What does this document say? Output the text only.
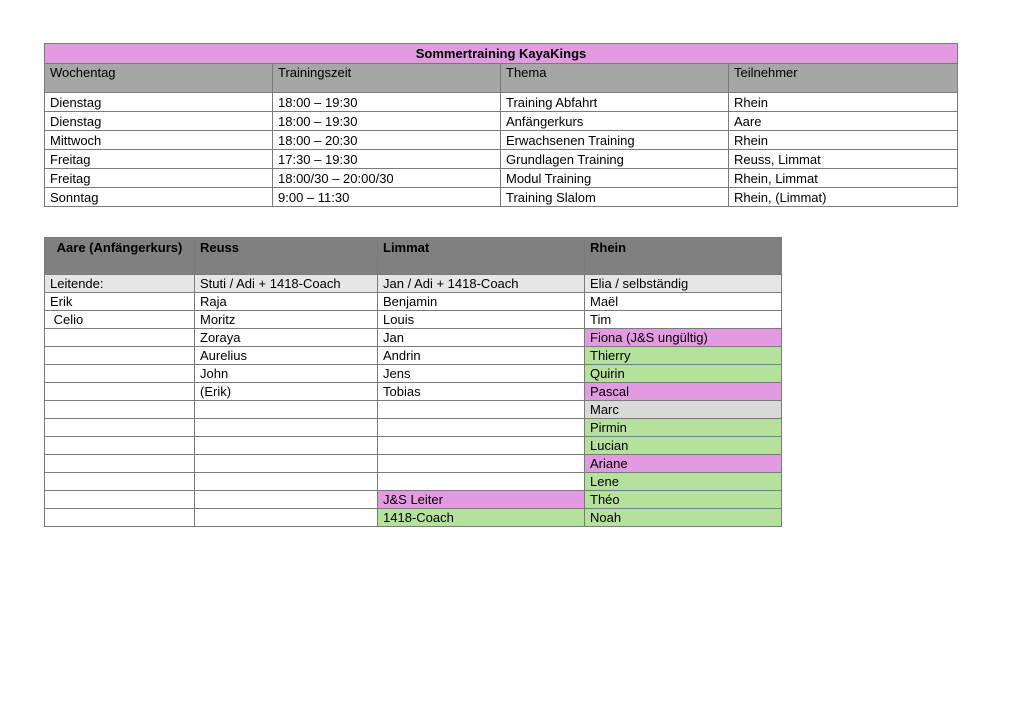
Sommertraining KayaKings			
Wochentag	Trainingszeit	Thema	Teilnehmer
Dienstag	18:00 – 19:30	Training Abfahrt	Rhein
Dienstag	18:00 – 19:30	Anfängerkurs	Aare
Mittwoch	18:00 – 20:30	Erwachsenen Training	Rhein
Freitag	17:30 – 19:30	Grundlagen Training	Reuss, Limmat
Freitag	18:00/30 – 20:00/30	Modul Training	Rhein, Limmat
Sonntag	9:00 – 11:30	Training Slalom	Rhein, (Limmat)
Aare (Anfängerkurs)	Reuss	Limmat	Rhein
Leitende:	Stuti / Adi + 1418-Coach	Jan / Adi + 1418-Coach	Elia / selbständig
Erik	Raja	Benjamin	Maël
Celio	Moritz	Louis	Tim
	Zoraya	Jan	Fiona (J&S ungültig)
	Aurelius	Andrin	Thierry
	John	Jens	Quirin
	(Erik)	Tobias	Pascal
			Marc
			Pirmin
			Lucian
			Ariane
			Lene
		J&S Leiter	Théo
		1418-Coach	Noah
